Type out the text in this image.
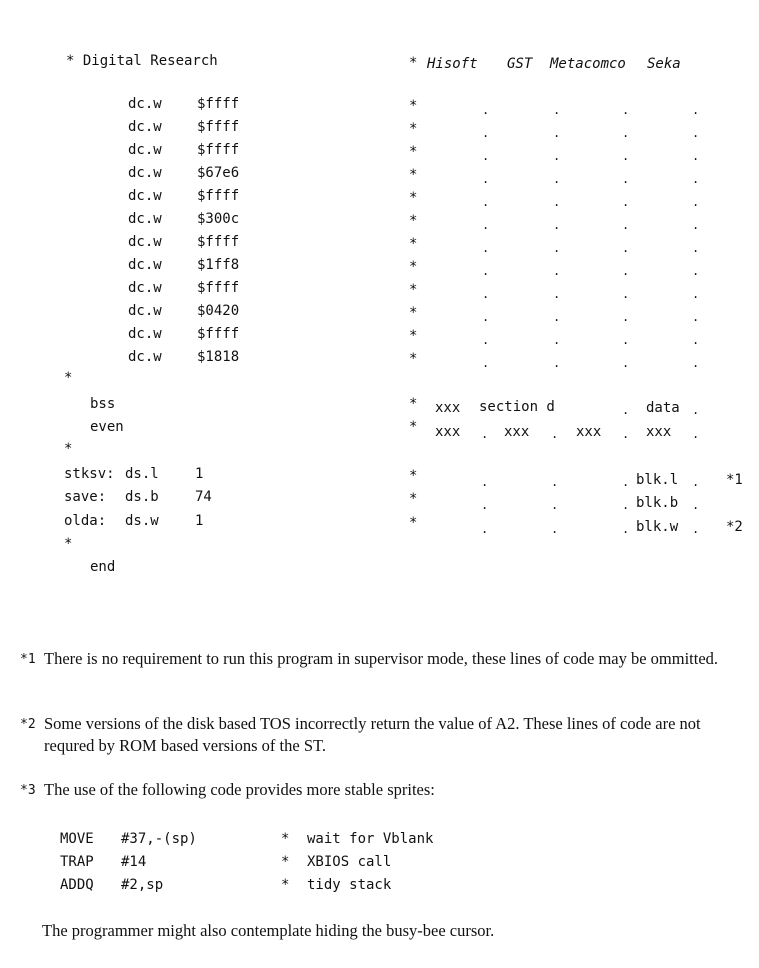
* Digital Research	* Hisoft GST Metacomco Seka
dc.w	$ffff	*	.	.	.	.
dc.w	$ffff	*	.	.	.	.
dc.w	$ffff	*	.	.	.	.
dc.w	$67e6	*	.	.	.	.
dc.w	$ffff	*	.	.	.	.
dc.w	$300c	*	.	.	.	.
dc.w	$ffff	*	.	.	.	.
dc.w	$1ff8	*	.	.	.	.
dc.w	$ffff	*	.	.	.	.
dc.w	$0420	*	.	.	.	.
dc.w	$ffff	*	.	.	.	.
dc.w	$1818	*	.	.	.	.
*
bss	* xxx section d	. data .
even	* xxx . xxx . xxx . xxx .
*
stksv: ds.l	1	*	.	.	. blk.l . *1
save: ds.b	74	*	.	.	. blk.b .
olda: ds.w	1	*	.	.	. blk.w . *2
*
end
*1 There is no requirement to run this program in supervisor mode, these lines of code may be ommitted.
*2 Some versions of the disk based TOS incorrectly return the value of A2. These lines of code are not requred by ROM based versions of the ST.
*3 The use of the following code provides more stable sprites:
MOVE #37,-(sp)	* wait for Vblank
TRAP #14	* XBIOS call
ADDQ #2,sp	* tidy stack
The programmer might also contemplate hiding the busy-bee cursor.
